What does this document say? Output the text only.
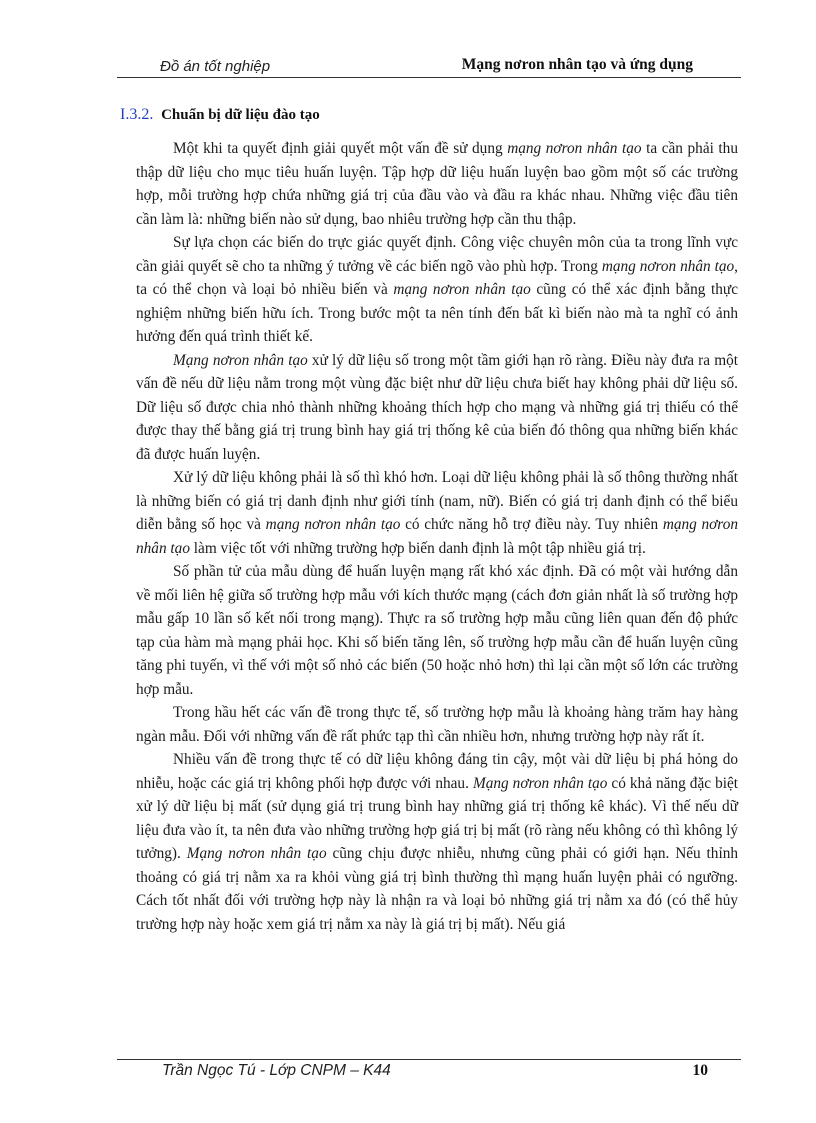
Đồ án tốt nghiệp	Mạng nơron nhân tạo và ứng dụng
I.3.2. Chuẩn bị dữ liệu đào tạo

Một khi ta quyết định giải quyết một vấn đề sử dụng mạng nơron nhân tạo ta cần phải thu thập dữ liệu cho mục tiêu huấn luyện. Tập hợp dữ liệu huấn luyện bao gồm một số các trường hợp, mỗi trường hợp chứa những giá trị của đầu vào và đầu ra khác nhau. Những việc đầu tiên cần làm là: những biến nào sử dụng, bao nhiêu trường hợp cần thu thập.

Sự lựa chọn các biến do trực giác quyết định. Công việc chuyên môn của ta trong lĩnh vực cần giải quyết sẽ cho ta những ý tưởng về các biến ngõ vào phù hợp. Trong mạng nơron nhân tạo, ta có thể chọn và loại bỏ nhiều biến và mạng nơron nhân tạo cũng có thể xác định bằng thực nghiệm những biến hữu ích. Trong bước một ta nên tính đến bất kì biến nào mà ta nghĩ có ảnh hưởng đến quá trình thiết kế.

Mạng nơron nhân tạo xử lý dữ liệu số trong một tầm giới hạn rõ ràng. Điều này đưa ra một vấn đề nếu dữ liệu nằm trong một vùng đặc biệt như dữ liệu chưa biết hay không phải dữ liệu số. Dữ liệu số được chia nhỏ thành những khoảng thích hợp cho mạng và những giá trị thiếu có thể được thay thế bằng giá trị trung bình hay giá trị thống kê của biến đó thông qua những biến khác đã được huấn luyện.

Xử lý dữ liệu không phải là số thì khó hơn. Loại dữ liệu không phải là số thông thường nhất là những biến có giá trị danh định như giới tính (nam, nữ). Biến có giá trị danh định có thể biểu diễn bằng số học và mạng nơron nhân tạo có chức năng hỗ trợ điều này. Tuy nhiên mạng nơron nhân tạo làm việc tốt với những trường hợp biến danh định là một tập nhiều giá trị.

Số phần tử của mẫu dùng để huấn luyện mạng rất khó xác định. Đã có một vài hướng dẫn về mối liên hệ giữa số trường hợp mẫu với kích thước mạng (cách đơn giản nhất là số trường hợp mẫu gấp 10 lần số kết nối trong mạng). Thực ra số trường hợp mẫu cũng liên quan đến độ phức tạp của hàm mà mạng phải học. Khi số biến tăng lên, số trường hợp mẫu cần để huấn luyện cũng tăng phi tuyến, vì thế với một số nhỏ các biến (50 hoặc nhỏ hơn) thì lại cần một số lớn các trường hợp mẫu.

Trong hầu hết các vấn đề trong thực tế, số trường hợp mẫu là khoảng hàng trăm hay hàng ngàn mẫu. Đối với những vấn đề rất phức tạp thì cần nhiều hơn, nhưng trường hợp này rất ít.

Nhiều vấn đề trong thực tế có dữ liệu không đáng tin cậy, một vài dữ liệu bị phá hỏng do nhiễu, hoặc các giá trị không phối hợp được với nhau. Mạng nơron nhân tạo có khả năng đặc biệt xử lý dữ liệu bị mất (sử dụng giá trị trung bình hay những giá trị thống kê khác). Vì thế nếu dữ liệu đưa vào ít, ta nên đưa vào những trường hợp giá trị bị mất (rõ ràng nếu không có thì không lý tưởng). Mạng nơron nhân tạo cũng chịu được nhiễu, nhưng cũng phải có giới hạn. Nếu thỉnh thoảng có giá trị nằm xa ra khỏi vùng giá trị bình thường thì mạng huấn luyện phải có ngưỡng. Cách tốt nhất đối với trường hợp này là nhận ra và loại bỏ những giá trị nằm xa đó (có thể hủy trường hợp này hoặc xem giá trị nằm xa này là giá trị bị mất). Nếu giá

Trần Ngọc Tú - Lớp CNPM – K44	10
